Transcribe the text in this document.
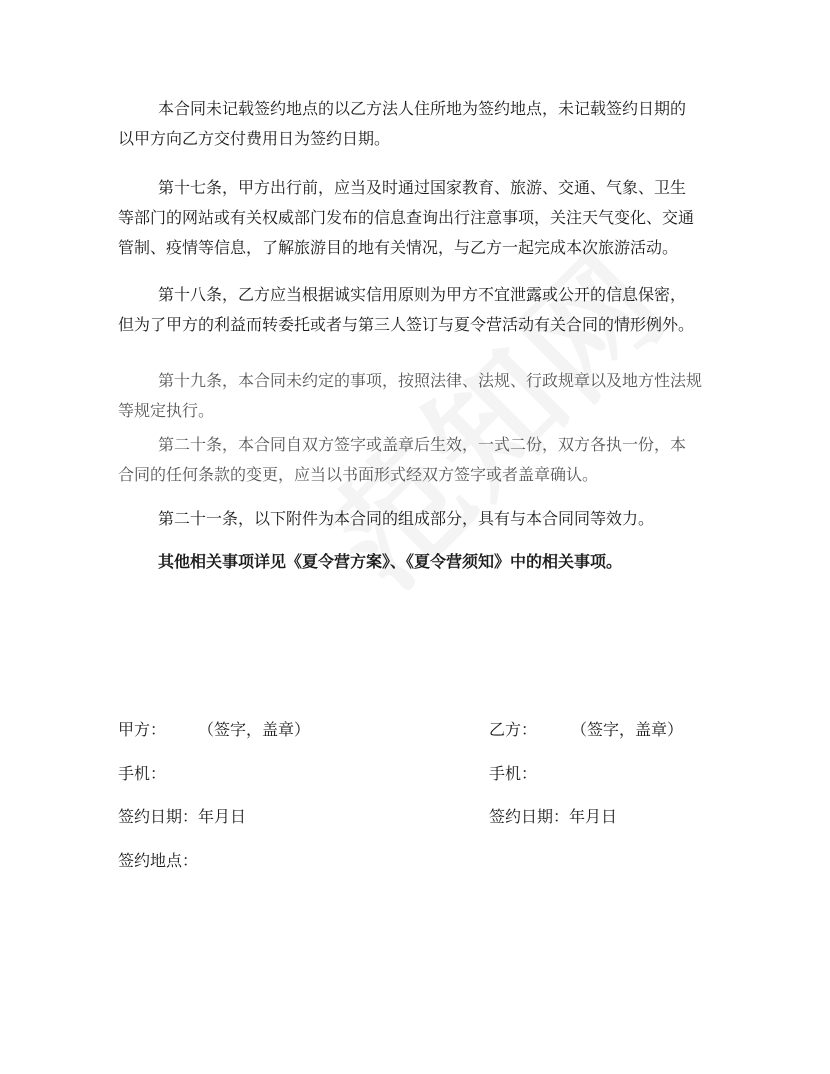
本合同未记载签约地点的以乙方法人住所地为签约地点，未记载签约日期的

以甲方向乙方交付费用日为签约日期。

第十七条，甲方出行前，应当及时通过国家教育、旅游、交通、气象、卫生

等部门的网站或有关权威部门发布的信息查询出行注意事项，关注天气变化、交通

管制、疫情等信息，了解旅游目的地有关情况，与乙方一起完成本次旅游活动。

第十八条，乙方应当根据诚实信用原则为甲方不宜泄露或公开的信息保密，

但为了甲方的利益而转委托或者与第三人签订与夏令营活动有关合同的情形例外。

第十九条，本合同未约定的事项，按照法律、法规、行政规章以及地方性法规

等规定执行。

第二十条，本合同自双方签字或盖章后生效，一式二份，双方各执一份，本

合同的任何条款的变更，应当以书面形式经双方签字或者盖章确认。

第二十一条，以下附件为本合同的组成部分，具有与本合同同等效力。

其他相关事项详见《夏令营方案》、《夏令营须知》中的相关事项。

甲方： （签字，盖章）	乙方： （签字，盖章）
手机：	手机：
签约日期：年月日	签约日期：年月日
签约地点：
